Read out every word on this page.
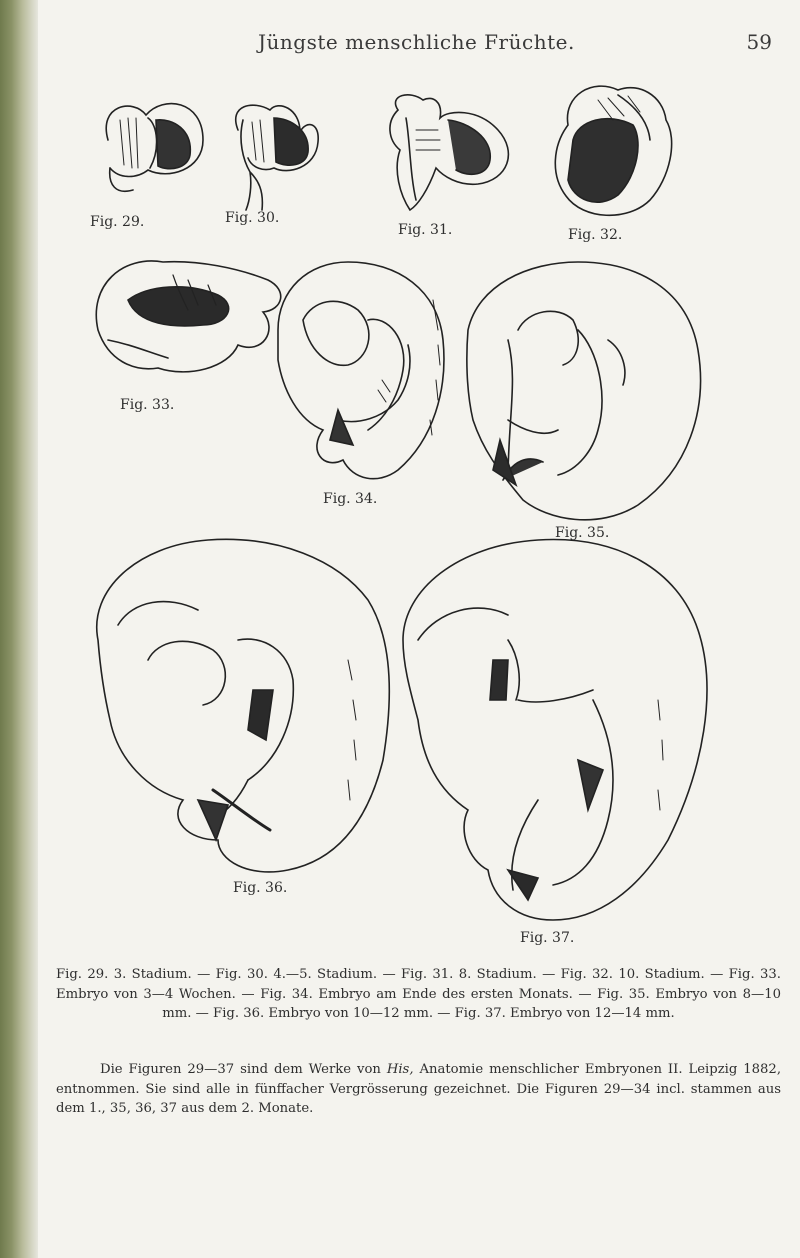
Jüngste menschliche Früchte.	59
Fig. 29.	Fig. 30.
Fig. 31.	Fig. 32.
Fig. 33.
Fig. 34.
Fig. 35.
Fig. 36.
Fig. 37.
Fig. 29. 3. Stadium. — Fig. 30. 4.—5. Stadium. — Fig. 31. 8. Stadium. — Fig. 32. 10. Stadium. — Fig. 33. Embryo von 3—4 Wochen. — Fig. 34. Embryo am Ende des ersten Monats. — Fig. 35. Embryo von 8—10 mm. — Fig. 36. Embryo von 10—12 mm. — Fig. 37. Embryo von 12—14 mm.
Die Figuren 29—37 sind dem Werke von His, Anatomie menschlicher Embryonen II. Leipzig 1882, entnommen. Sie sind alle in fünffacher Vergrösserung gezeichnet. Die Figuren 29—34 incl. stammen aus dem 1., 35, 36, 37 aus dem 2. Monate.
